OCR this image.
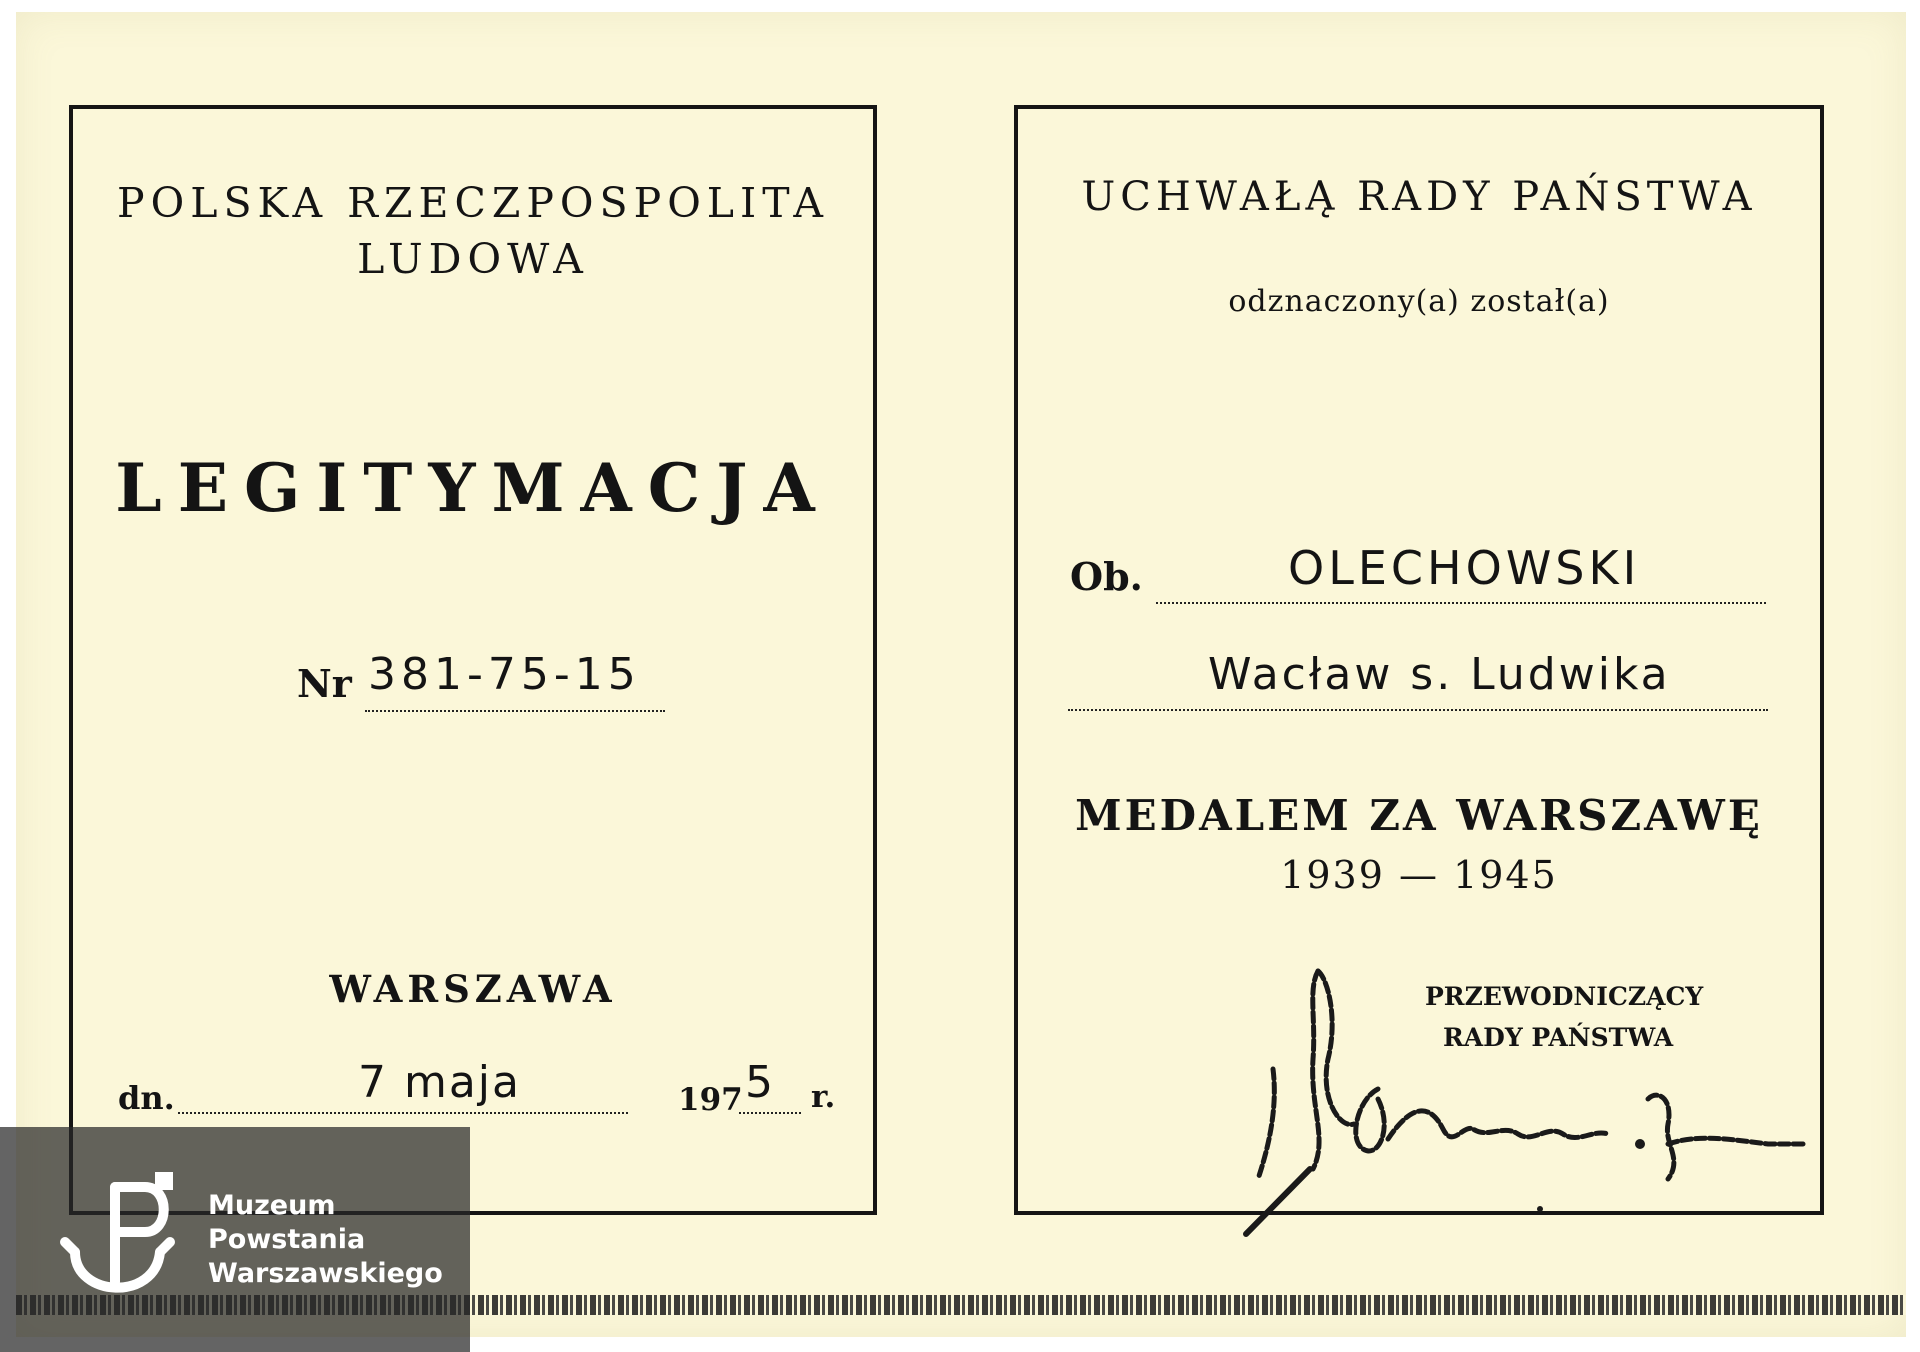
POLSKA RZECZPOSPOLITA
LUDOWA
LEGITYMACJA
Nr 381-75-15
WARSZAWA
dn.	7 maja	197 5 r.
UCHWAŁĄ RADY PAŃSTWA
odznaczony(a) został(a)
Ob.	OLECHOWSKI
Wacław s. Ludwika
MEDALEM ZA WARSZAWĘ
1939 — 1945
PRZEWODNICZĄCY
RADY PAŃSTWA
Muzeum
Powstania
Warszawskiego
